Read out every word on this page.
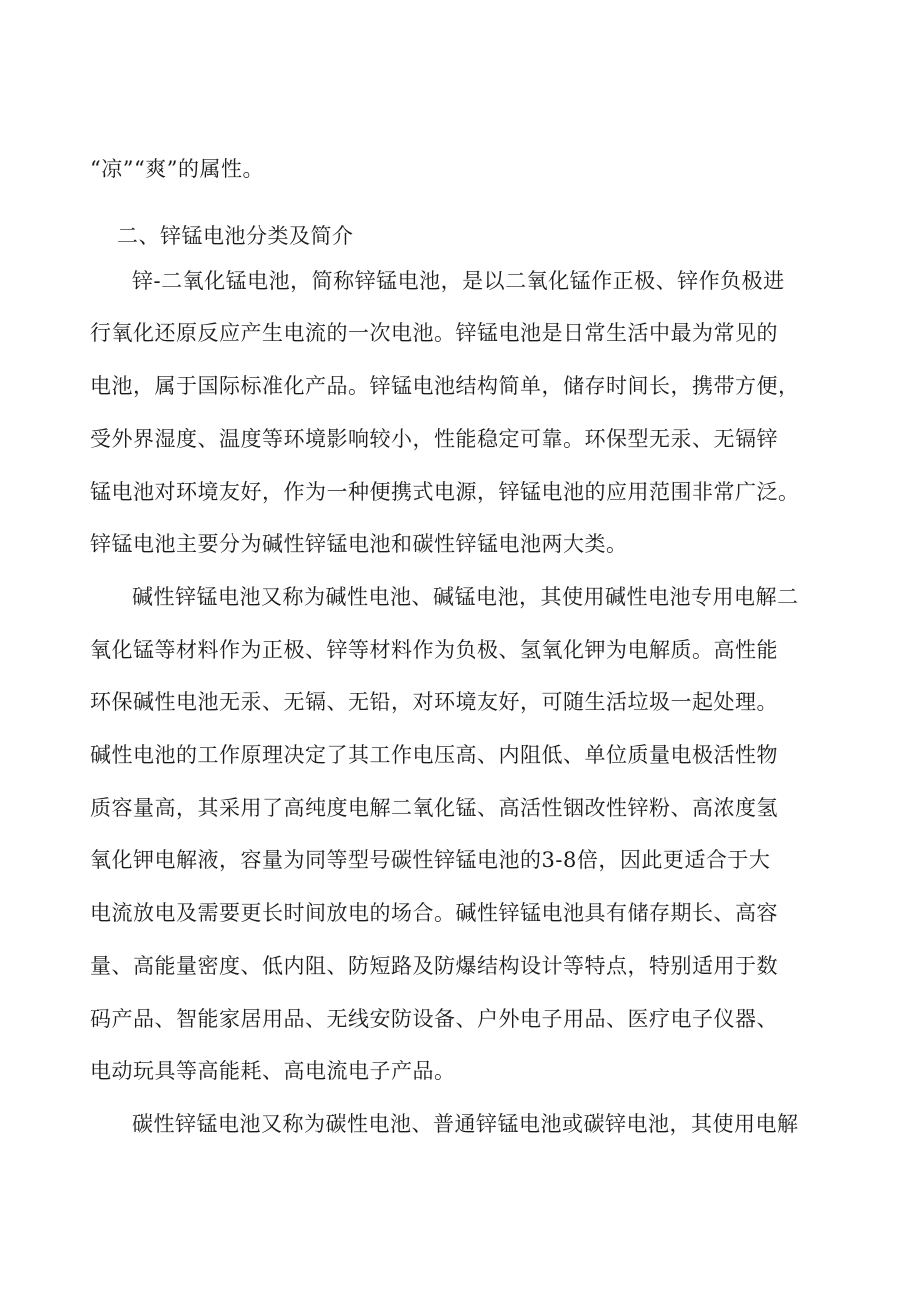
“凉”“爽”的属性。
二、锌锰电池分类及简介
锌-二氧化锰电池，简称锌锰电池，是以二氧化锰作正极、锌作负极进
行氧化还原反应产生电流的一次电池。锌锰电池是日常生活中最为常见的
电池，属于国际标准化产品。锌锰电池结构简单，储存时间长，携带方便，
受外界湿度、温度等环境影响较小，性能稳定可靠。环保型无汞、无镉锌
锰电池对环境友好，作为一种便携式电源，锌锰电池的应用范围非常广泛。
锌锰电池主要分为碱性锌锰电池和碳性锌锰电池两大类。
碱性锌锰电池又称为碱性电池、碱锰电池，其使用碱性电池专用电解二
氧化锰等材料作为正极、锌等材料作为负极、氢氧化钾为电解质。高性能
环保碱性电池无汞、无镉、无铅，对环境友好，可随生活垃圾一起处理。
碱性电池的工作原理决定了其工作电压高、内阻低、单位质量电极活性物
质容量高，其采用了高纯度电解二氧化锰、高活性铟改性锌粉、高浓度氢
氧化钾电解液，容量为同等型号碳性锌锰电池的3-8倍，因此更适合于大
电流放电及需要更长时间放电的场合。碱性锌锰电池具有储存期长、高容
量、高能量密度、低内阻、防短路及防爆结构设计等特点，特别适用于数
码产品、智能家居用品、无线安防设备、户外电子用品、医疗电子仪器、
电动玩具等高能耗、高电流电子产品。
碳性锌锰电池又称为碳性电池、普通锌锰电池或碳锌电池，其使用电解
